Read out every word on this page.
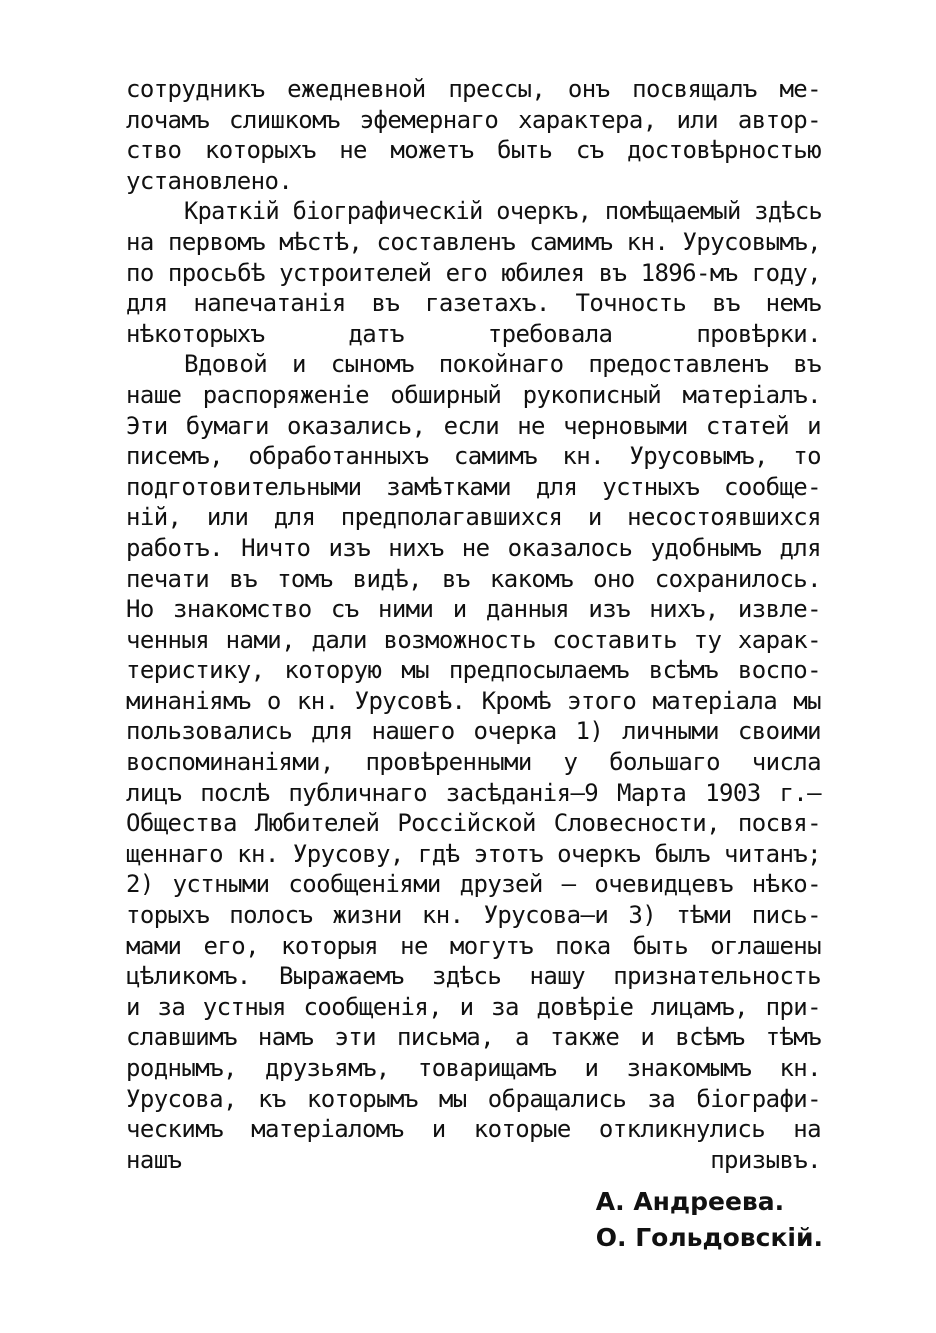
сотрудникъ ежедневной прессы, онъ посвящалъ ме-
лочамъ слишкомъ эфемернаго характера, или автор-
ство которыхъ не можетъ быть съ достовѣрностью
установлено.
Краткій біографическій очеркъ, помѣщаемый здѣсь
на первомъ мѣстѣ, составленъ самимъ кн. Урусовымъ,
по просьбѣ устроителей его юбилея въ 1896-мъ году,
для напечатанія въ газетахъ. Точность въ немъ
нѣкоторыхъ датъ требовала провѣрки.
Вдовой и сыномъ покойнаго предоставленъ въ
наше распоряженіе обширный рукописный матеріалъ.
Эти бумаги оказались, если не черновыми статей и
писемъ, обработанныхъ самимъ кн. Урусовымъ, то
подготовительными замѣтками для устныхъ сообще-
ній, или для предполагавшихся и несостоявшихся
работъ. Ничто изъ нихъ не оказалось удобнымъ для
печати въ томъ видѣ, въ какомъ оно сохранилось.
Но знакомство съ ними и данныя изъ нихъ, извле-
ченныя нами, дали возможность составить ту харак-
теристику, которую мы предпосылаемъ всѣмъ воспо-
минаніямъ о кн. Урусовѣ. Кромѣ этого матеріала мы
пользовались для нашего очерка 1) личными своими
воспоминаніями, провѣренными у большаго числа
лицъ послѣ публичнаго засѣданія—9 Марта 1903 г.—
Общества Любителей Россійской Словесности, посвя-
щеннаго кн. Урусову, гдѣ этотъ очеркъ былъ читанъ;
2) устными сообщеніями друзей — очевидцевъ нѣко-
торыхъ полосъ жизни кн. Урусова—и 3) тѣми пись-
мами его, которыя не могутъ пока быть оглашены
цѣликомъ. Выражаемъ здѣсь нашу признательность
и за устныя сообщенія, и за довѣріе лицамъ, при-
славшимъ намъ эти письма, а также и всѣмъ тѣмъ
роднымъ, друзьямъ, товарищамъ и знакомымъ кн.
Урусова, къ которымъ мы обращались за біографи-
ческимъ матеріаломъ и которые откликнулись на
нашъ призывъ.
А. Андреева.
О. Гольдовскій.
